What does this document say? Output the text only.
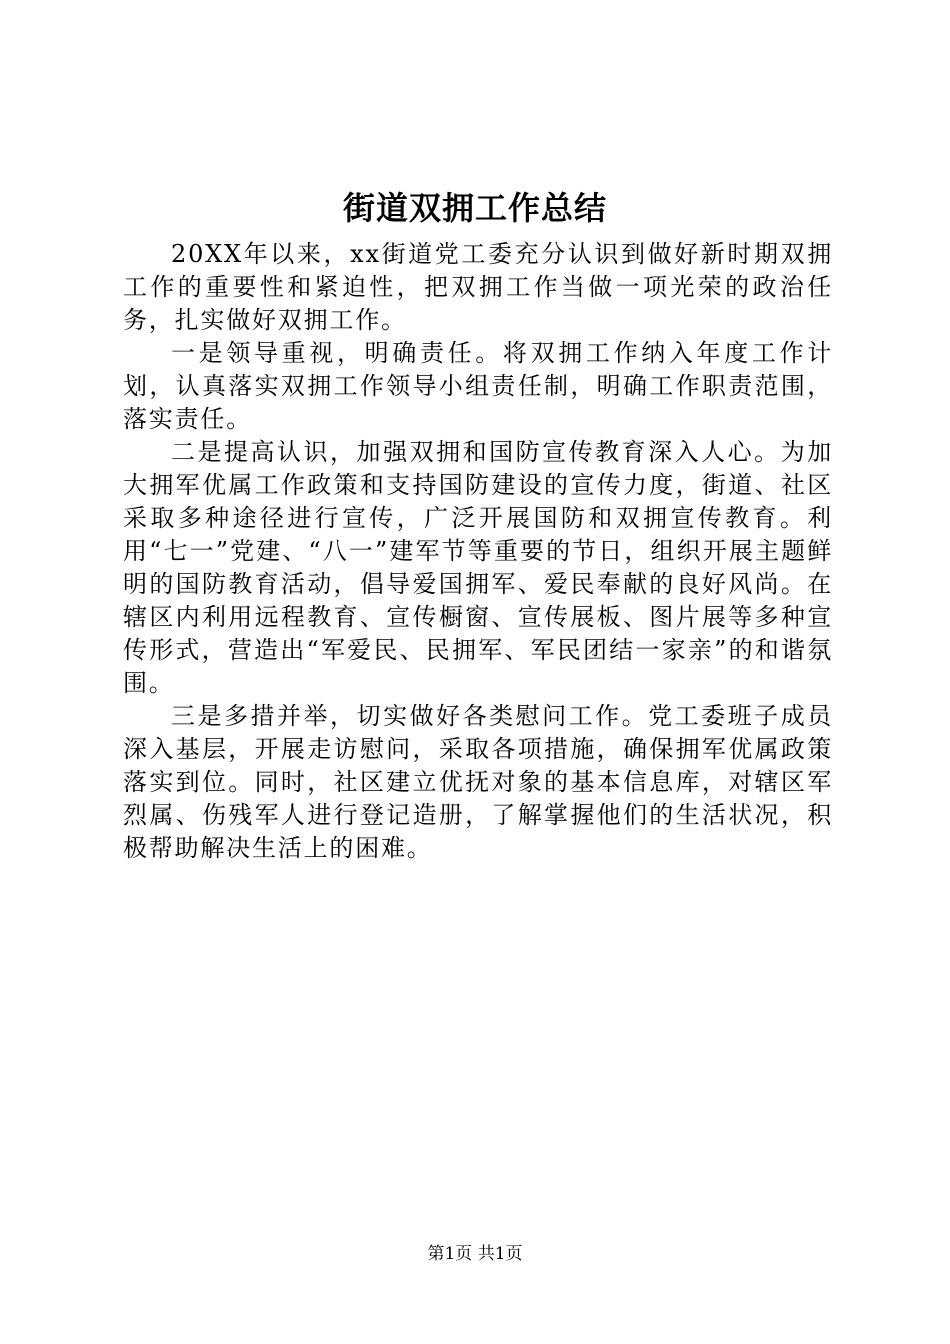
街道双拥工作总结

20XX年以来，xx街道党工委充分认识到做好新时期双拥工作的重要性和紧迫性，把双拥工作当做一项光荣的政治任务，扎实做好双拥工作。

一是领导重视，明确责任。将双拥工作纳入年度工作计划，认真落实双拥工作领导小组责任制，明确工作职责范围，落实责任。

二是提高认识，加强双拥和国防宣传教育深入人心。为加大拥军优属工作政策和支持国防建设的宣传力度，街道、社区采取多种途径进行宣传，广泛开展国防和双拥宣传教育。利用“七一”党建、“八一”建军节等重要的节日，组织开展主题鲜明的国防教育活动，倡导爱国拥军、爱民奉献的良好风尚。在辖区内利用远程教育、宣传橱窗、宣传展板、图片展等多种宣传形式，营造出“军爱民、民拥军、军民团结一家亲”的和谐氛围。

三是多措并举，切实做好各类慰问工作。党工委班子成员深入基层，开展走访慰问，采取各项措施，确保拥军优属政策落实到位。同时，社区建立优抚对象的基本信息库，对辖区军烈属、伤残军人进行登记造册，了解掌握他们的生活状况，积极帮助解决生活上的困难。

第1页 共1页
